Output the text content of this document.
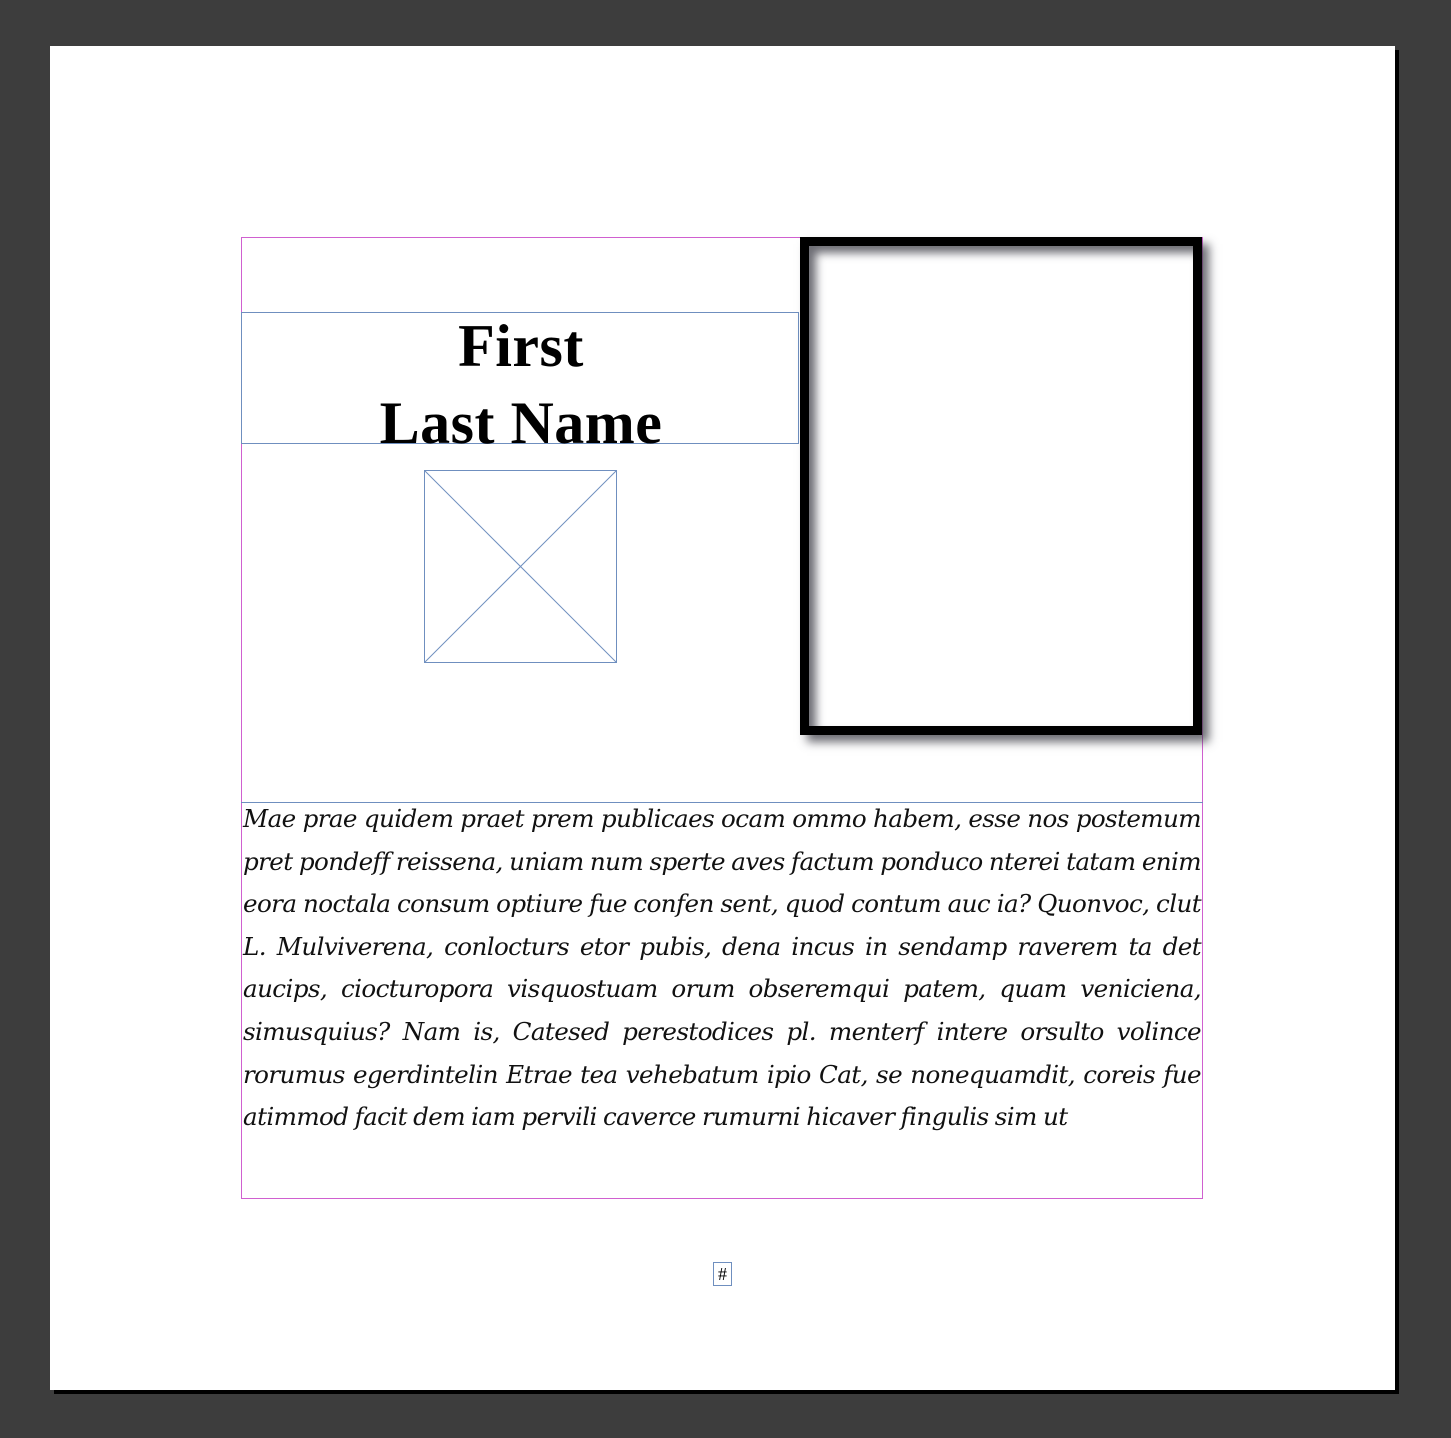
First
Last Name
Mae prae quidem praet prem publicaes ocam ommo habem, esse nos postemum pret pondeff reissena, uniam num sperte aves factum ponduco nterei tatam enim eora noctala consum optiure fue confen sent, quod contum auc ia? Quonvoc, clut L. Mulviverena, conlocturs etor pubis, dena incus in sendamp raverem ta det aucips, ciocturopora visquostuam orum obseremqui patem, quam veniciena, simusquius? Nam is, Catesed perestodices pl. menterf intere orsulto volince rorumus egerdintelin Etrae tea vehebatum ipio Cat, se nonequamdit, coreis fue atimmod facit dem iam pervili caverce rumurni hicaver fingulis sim ut
#
